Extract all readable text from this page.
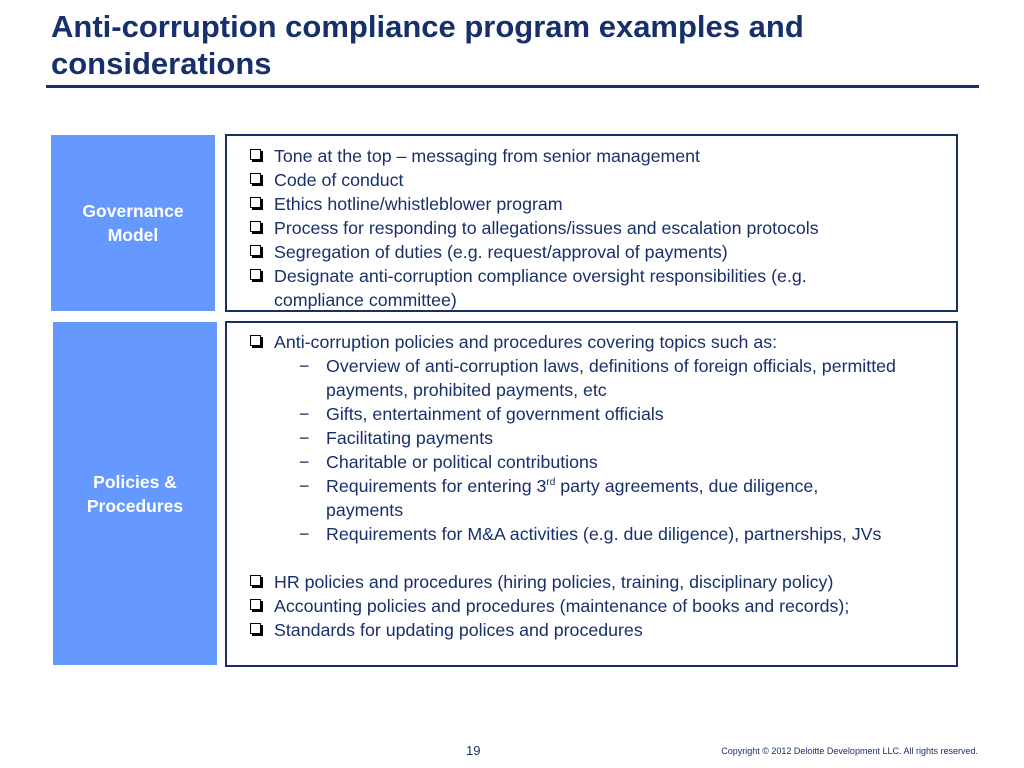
Anti-corruption compliance program examples and considerations
Governance
Model
Tone at the top – messaging from senior management
Code of conduct
Ethics hotline/whistleblower program
Process for responding to allegations/issues and escalation protocols
Segregation of duties (e.g. request/approval of payments)
Designate anti-corruption compliance oversight responsibilities (e.g. compliance committee)
Policies &
Procedures
Anti-corruption policies and procedures covering topics such as:
− Overview of anti-corruption laws, definitions of foreign officials, permitted payments, prohibited payments, etc
− Gifts, entertainment of government officials
− Facilitating payments
− Charitable or political contributions
− Requirements for entering 3rd party agreements, due diligence, payments
− Requirements for M&A activities (e.g. due diligence), partnerships, JVs
HR policies and procedures (hiring policies, training, disciplinary policy)
Accounting policies and procedures (maintenance of books and records);
Standards for updating polices and procedures
19	Copyright © 2012 Deloitte Development LLC. All rights reserved.
